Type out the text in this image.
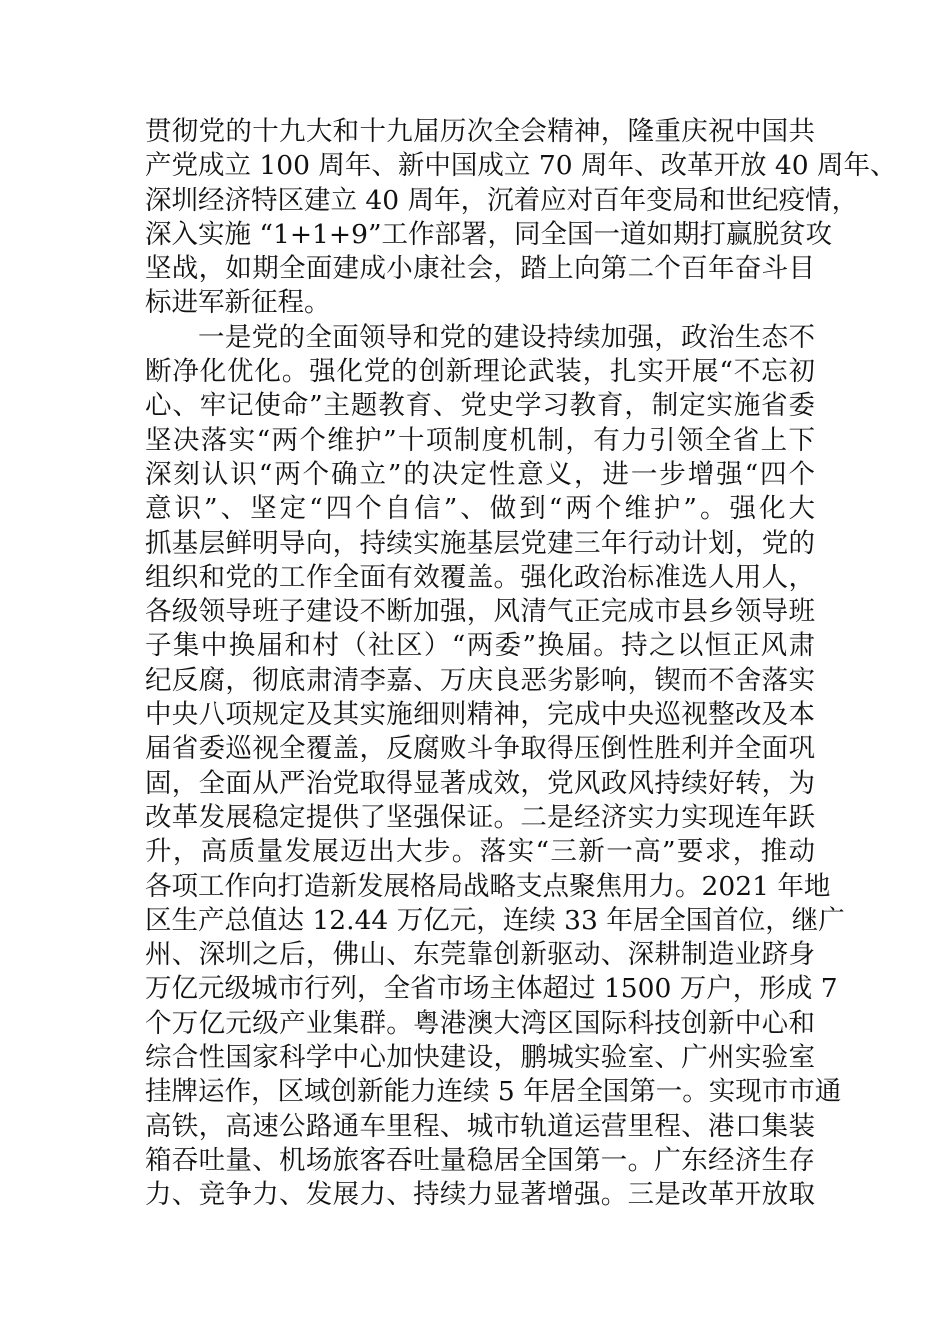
贯彻党的十九大和十九届历次全会精神，隆重庆祝中国共
产党成立 100 周年、新中国成立 70 周年、改革开放 40 周年、
深圳经济特区建立 40 周年，沉着应对百年变局和世纪疫情，
深入实施 “1+1+9”工作部署，同全国一道如期打赢脱贫攻
坚战，如期全面建成小康社会，踏上向第二个百年奋斗目
标进军新征程。
一是党的全面领导和党的建设持续加强，政治生态不
断净化优化。强化党的创新理论武装，扎实开展“不忘初
心、牢记使命”主题教育、党史学习教育，制定实施省委
坚决落实“两个维护”十项制度机制，有力引领全省上下
深刻认识“两个确立”的决定性意义，进一步增强“四个
意识”、坚定“四个自信”、做到“两个维护”。强化大
抓基层鲜明导向，持续实施基层党建三年行动计划，党的
组织和党的工作全面有效覆盖。强化政治标准选人用人，
各级领导班子建设不断加强，风清气正完成市县乡领导班
子集中换届和村（社区）“两委”换届。持之以恒正风肃
纪反腐，彻底肃清李嘉、万庆良恶劣影响，锲而不舍落实
中央八项规定及其实施细则精神，完成中央巡视整改及本
届省委巡视全覆盖，反腐败斗争取得压倒性胜利并全面巩
固，全面从严治党取得显著成效，党风政风持续好转，为
改革发展稳定提供了坚强保证。二是经济实力实现连年跃
升，高质量发展迈出大步。落实“三新一高”要求，推动
各项工作向打造新发展格局战略支点聚焦用力。2021 年地
区生产总值达 12.44 万亿元，连续 33 年居全国首位，继广
州、深圳之后，佛山、东莞靠创新驱动、深耕制造业跻身
万亿元级城市行列，全省市场主体超过 1500 万户，形成 7
个万亿元级产业集群。粤港澳大湾区国际科技创新中心和
综合性国家科学中心加快建设，鹏城实验室、广州实验室
挂牌运作，区域创新能力连续 5 年居全国第一。实现市市通
高铁，高速公路通车里程、城市轨道运营里程、港口集装
箱吞吐量、机场旅客吞吐量稳居全国第一。广东经济生存
力、竞争力、发展力、持续力显著增强。三是改革开放取
